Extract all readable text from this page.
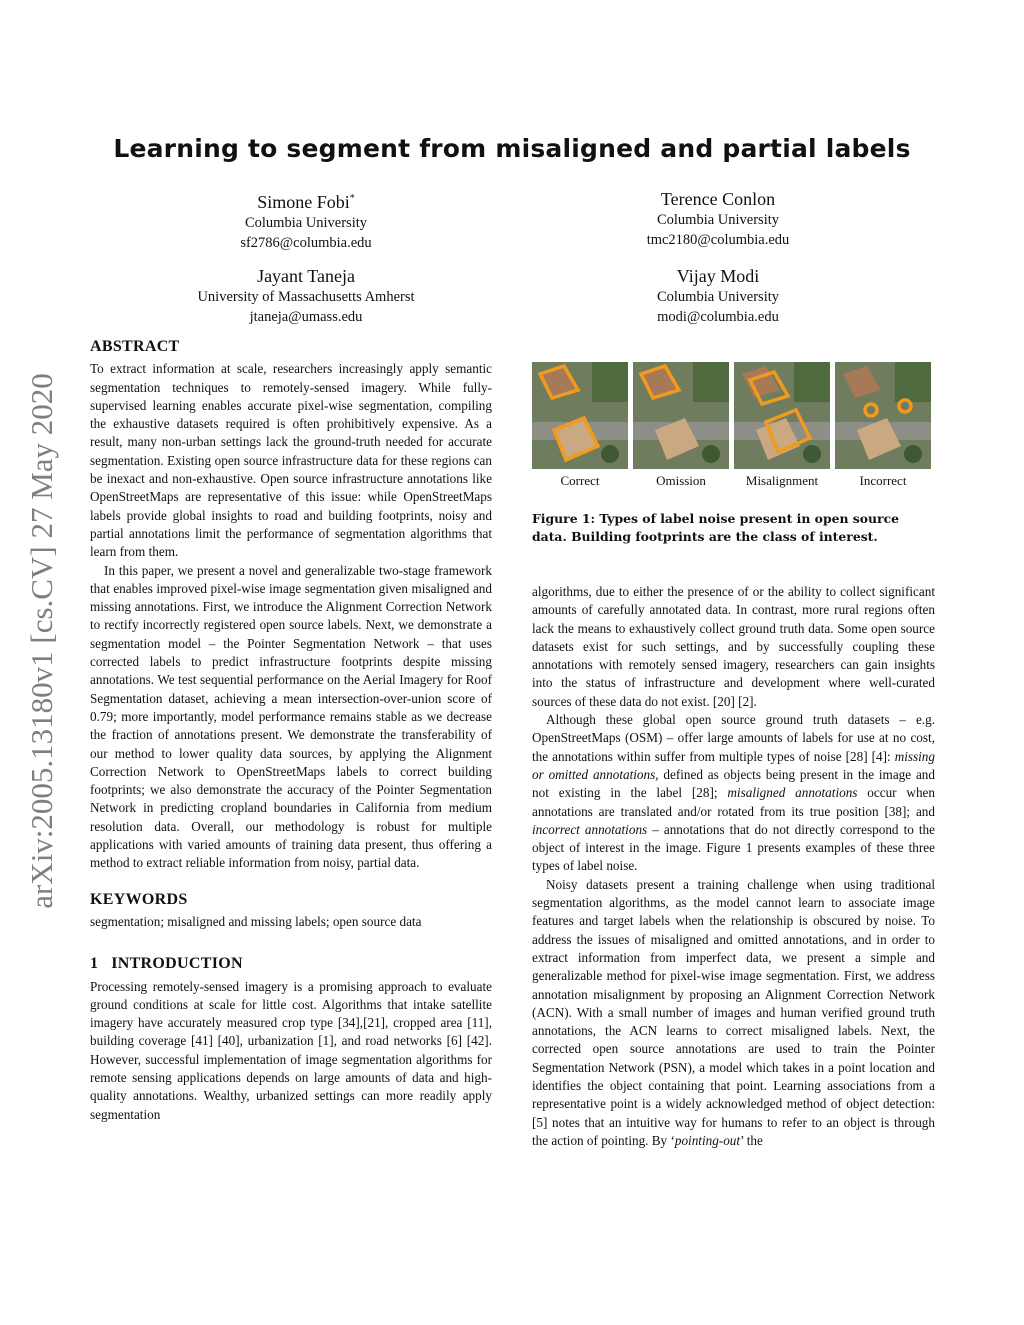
Learning to segment from misaligned and partial labels
arXiv:2005.13180v1 [cs.CV] 27 May 2020
Simone Fobi*
Columbia University
sf2786@columbia.edu
Terence Conlon
Columbia University
tmc2180@columbia.edu
Jayant Taneja
University of Massachusetts Amherst
jtaneja@umass.edu
Vijay Modi
Columbia University
modi@columbia.edu
ABSTRACT

To extract information at scale, researchers increasingly apply semantic segmentation techniques to remotely-sensed imagery. While fully-supervised learning enables accurate pixel-wise segmentation, compiling the exhaustive datasets required is often prohibitively expensive. As a result, many non-urban settings lack the ground-truth needed for accurate segmentation. Existing open source infrastructure data for these regions can be inexact and non-exhaustive. Open source infrastructure annotations like OpenStreetMaps are representative of this issue: while OpenStreetMaps labels provide global insights to road and building footprints, noisy and partial annotations limit the performance of segmentation algorithms that learn from them.

In this paper, we present a novel and generalizable two-stage framework that enables improved pixel-wise image segmentation given misaligned and missing annotations. First, we introduce the Alignment Correction Network to rectify incorrectly registered open source labels. Next, we demonstrate a segmentation model – the Pointer Segmentation Network – that uses corrected labels to predict infrastructure footprints despite missing annotations. We test sequential performance on the Aerial Imagery for Roof Segmentation dataset, achieving a mean intersection-over-union score of 0.79; more importantly, model performance remains stable as we decrease the fraction of annotations present. We demonstrate the transferability of our method to lower quality data sources, by applying the Alignment Correction Network to OpenStreetMaps labels to correct building footprints; we also demonstrate the accuracy of the Pointer Segmentation Network in predicting cropland boundaries in California from medium resolution data. Overall, our methodology is robust for multiple applications with varied amounts of training data present, thus offering a method to extract reliable information from noisy, partial data.

KEYWORDS

segmentation; misaligned and missing labels; open source data

1   INTRODUCTION

Processing remotely-sensed imagery is a promising approach to evaluate ground conditions at scale for little cost. Algorithms that intake satellite imagery have accurately measured crop type [34],[21], cropped area [11], building coverage [41] [40], urbanization [1], and road networks [6] [42]. However, successful implementation of image segmentation algorithms for remote sensing applications depends on large amounts of data and high-quality annotations. Wealthy, urbanized settings can more readily apply segmentation

Correct	Omission	Misalignment	Incorrect
Figure 1: Types of label noise present in open source data. Building footprints are the class of interest.

algorithms, due to either the presence of or the ability to collect significant amounts of carefully annotated data. In contrast, more rural regions often lack the means to exhaustively collect ground truth data. Some open source datasets exist for such settings, and by successfully coupling these annotations with remotely sensed imagery, researchers can gain insights into the status of infrastructure and development where well-curated sources of these data do not exist. [20] [2].

Although these global open source ground truth datasets – e.g. OpenStreetMaps (OSM) – offer large amounts of labels for use at no cost, the annotations within suffer from multiple types of noise [28] [4]: missing or omitted annotations, defined as objects being present in the image and not existing in the label [28]; misaligned annotations occur when annotations are translated and/or rotated from its true position [38]; and incorrect annotations – annotations that do not directly correspond to the object of interest in the image. Figure 1 presents examples of these three types of label noise.

Noisy datasets present a training challenge when using traditional segmentation algorithms, as the model cannot learn to associate image features and target labels when the relationship is obscured by noise. To address the issues of misaligned and omitted annotations, and in order to extract information from imperfect data, we present a simple and generalizable method for pixel-wise image segmentation. First, we address annotation misalignment by proposing an Alignment Correction Network (ACN). With a small number of images and human verified ground truth annotations, the ACN learns to correct misaligned labels. Next, the corrected open source annotations are used to train the Pointer Segmentation Network (PSN), a model which takes in a point location and identifies the object containing that point. Learning associations from a representative point is a widely acknowledged method of object detection: [5] notes that an intuitive way for humans to refer to an object is through the action of pointing. By ‘pointing-out’ the
